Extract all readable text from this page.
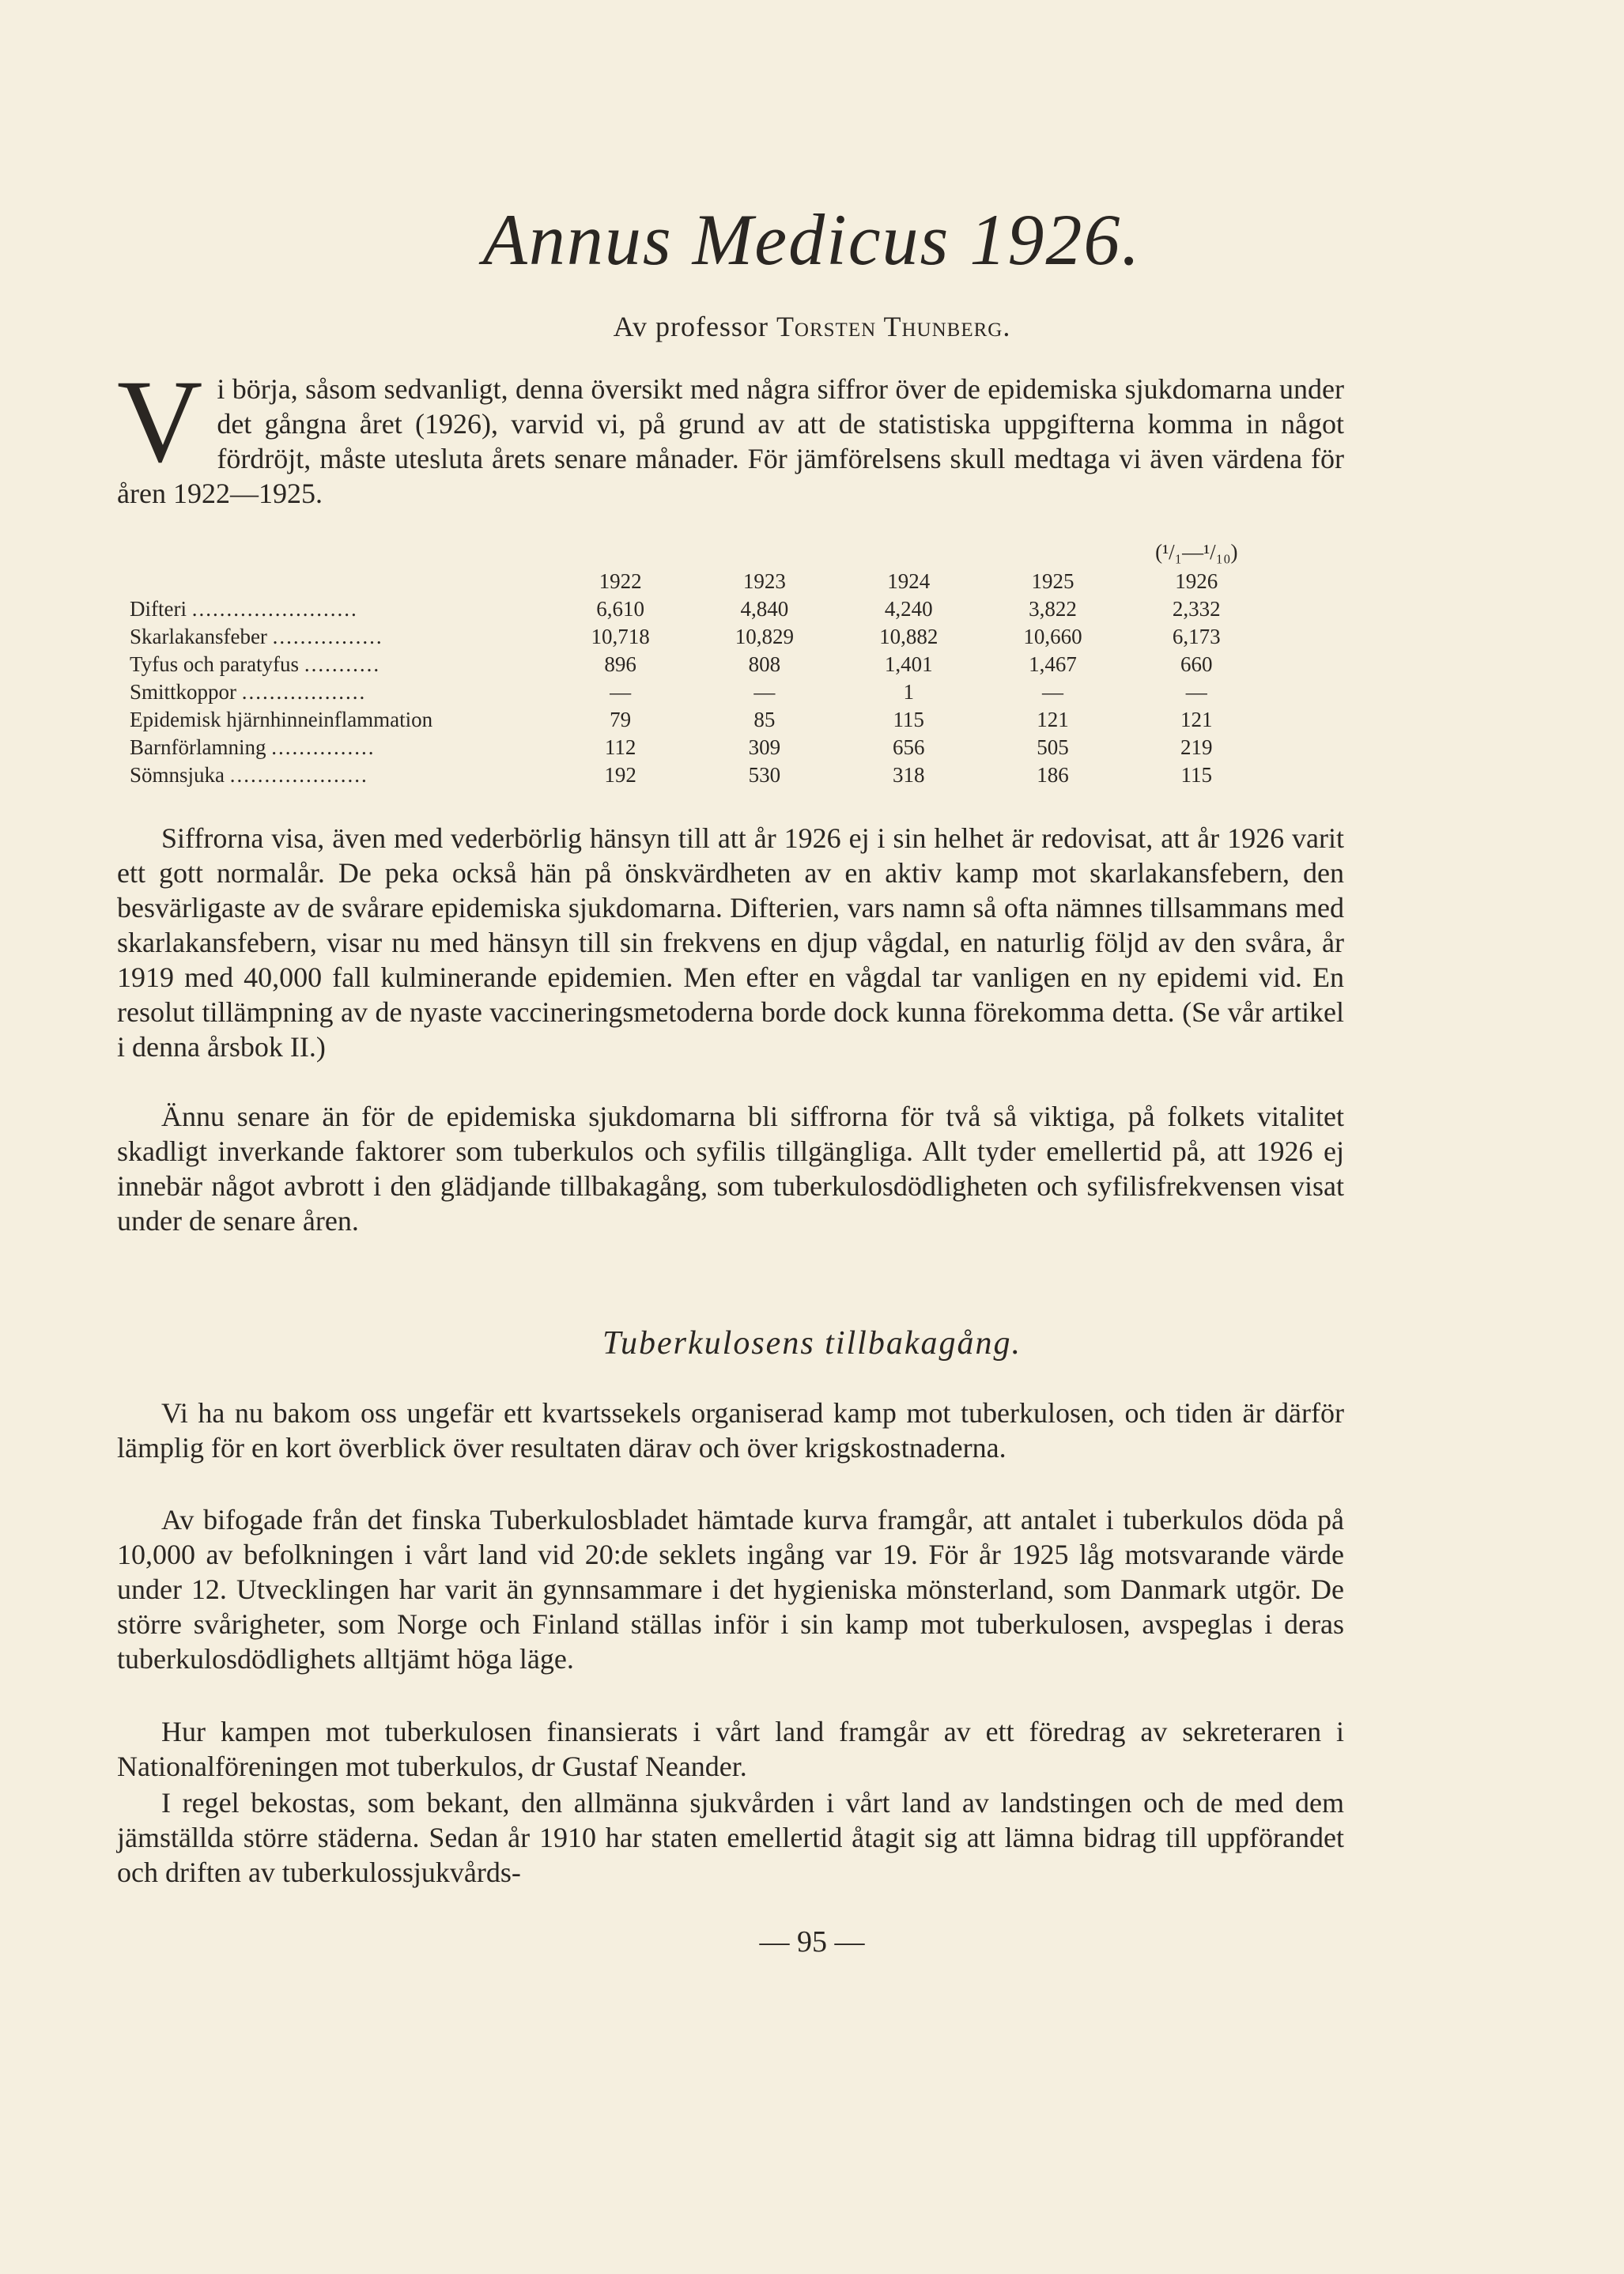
Annus Medicus 1926.
Av professor Torsten Thunberg.

Vi börja, såsom sedvanligt, denna översikt med några siffror över de epidemiska sjukdomarna under det gångna året (1926), varvid vi, på grund av att de statistiska uppgifterna komma in något fördröjt, måste utesluta årets senare månader. För jämförelsens skull medtaga vi även värdena för åren 1922—1925.

					(¹/₁—¹/₁₀)
	1922	1923	1924	1925	1926
Difteri ........................	6,610	4,840	4,240	3,822	2,332
Skarlakansfeber ................	10,718	10,829	10,882	10,660	6,173
Tyfus och paratyfus ...........	896	808	1,401	1,467	660
Smittkoppor ..................	—	—	1	—	—
Epidemisk hjärnhinneinflammation	79	85	115	121	121
Barnförlamning ...............	112	309	656	505	219
Sömnsjuka ....................	192	530	318	186	115

Siffrorna visa, även med vederbörlig hänsyn till att år 1926 ej i sin helhet är redovisat, att år 1926 varit ett gott normalår. De peka också hän på önskvärdheten av en aktiv kamp mot skarlakansfebern, den besvärligaste av de svårare epidemiska sjukdomarna. Difterien, vars namn så ofta nämnes tillsammans med skarlakansfebern, visar nu med hänsyn till sin frekvens en djup vågdal, en naturlig följd av den svåra, år 1919 med 40,000 fall kulminerande epidemien. Men efter en vågdal tar vanligen en ny epidemi vid. En resolut tillämpning av de nyaste vaccineringsmetoderna borde dock kunna förekomma detta. (Se vår artikel i denna årsbok II.)

Ännu senare än för de epidemiska sjukdomarna bli siffrorna för två så viktiga, på folkets vitalitet skadligt inverkande faktorer som tuberkulos och syfilis tillgängliga. Allt tyder emellertid på, att 1926 ej innebär något avbrott i den glädjande tillbakagång, som tuberkulosdödligheten och syfilisfrekvensen visat under de senare åren.

Tuberkulosens tillbakagång.

Vi ha nu bakom oss ungefär ett kvartssekels organiserad kamp mot tuberkulosen, och tiden är därför lämplig för en kort överblick över resultaten därav och över krigskostnaderna.

Av bifogade från det finska Tuberkulosbladet hämtade kurva framgår, att antalet i tuberkulos döda på 10,000 av befolkningen i vårt land vid 20:de seklets ingång var 19. För år 1925 låg motsvarande värde under 12. Utvecklingen har varit än gynnsammare i det hygieniska mönsterland, som Danmark utgör. De större svårigheter, som Norge och Finland ställas inför i sin kamp mot tuberkulosen, avspeglas i deras tuberkulosdödlighets alltjämt höga läge.

Hur kampen mot tuberkulosen finansierats i vårt land framgår av ett föredrag av sekreteraren i Nationalföreningen mot tuberkulos, dr Gustaf Neander.

I regel bekostas, som bekant, den allmänna sjukvården i vårt land av landstingen och de med dem jämställda större städerna. Sedan år 1910 har staten emellertid åtagit sig att lämna bidrag till uppförandet och driften av tuberkulossjukvårds-

— 95 —
